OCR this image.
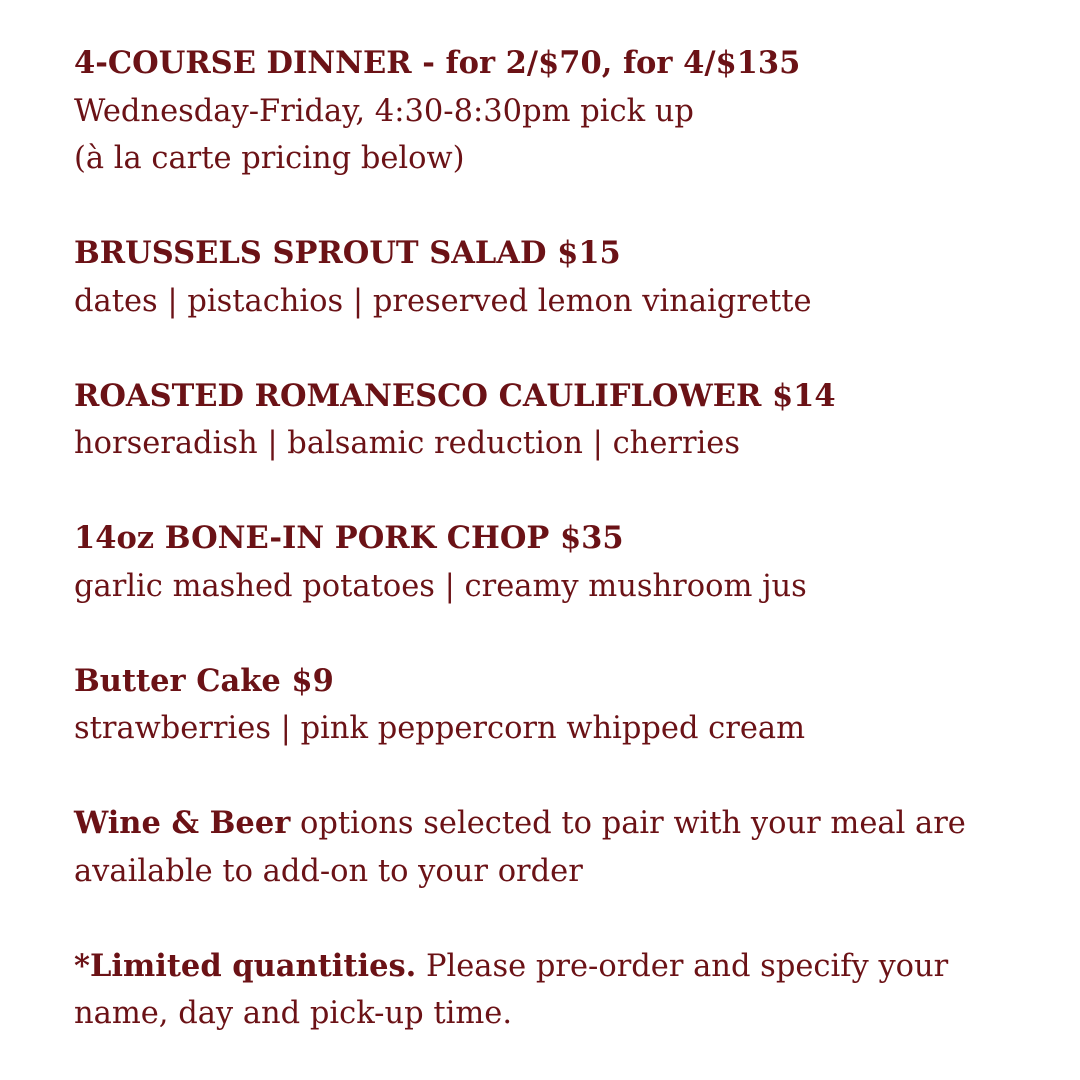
4-COURSE DINNER - for 2/$70, for 4/$135
Wednesday-Friday, 4:30-8:30pm pick up
(à la carte pricing below)
BRUSSELS SPROUT SALAD $15
dates | pistachios | preserved lemon vinaigrette
ROASTED ROMANESCO CAULIFLOWER $14
horseradish | balsamic reduction | cherries
14oz BONE-IN PORK CHOP $35
garlic mashed potatoes | creamy mushroom jus
Butter Cake $9
strawberries | pink peppercorn whipped cream
Wine & Beer options selected to pair with your meal are
available to add-on to your order
*Limited quantities. Please pre-order and specify your
name, day and pick-up time.
